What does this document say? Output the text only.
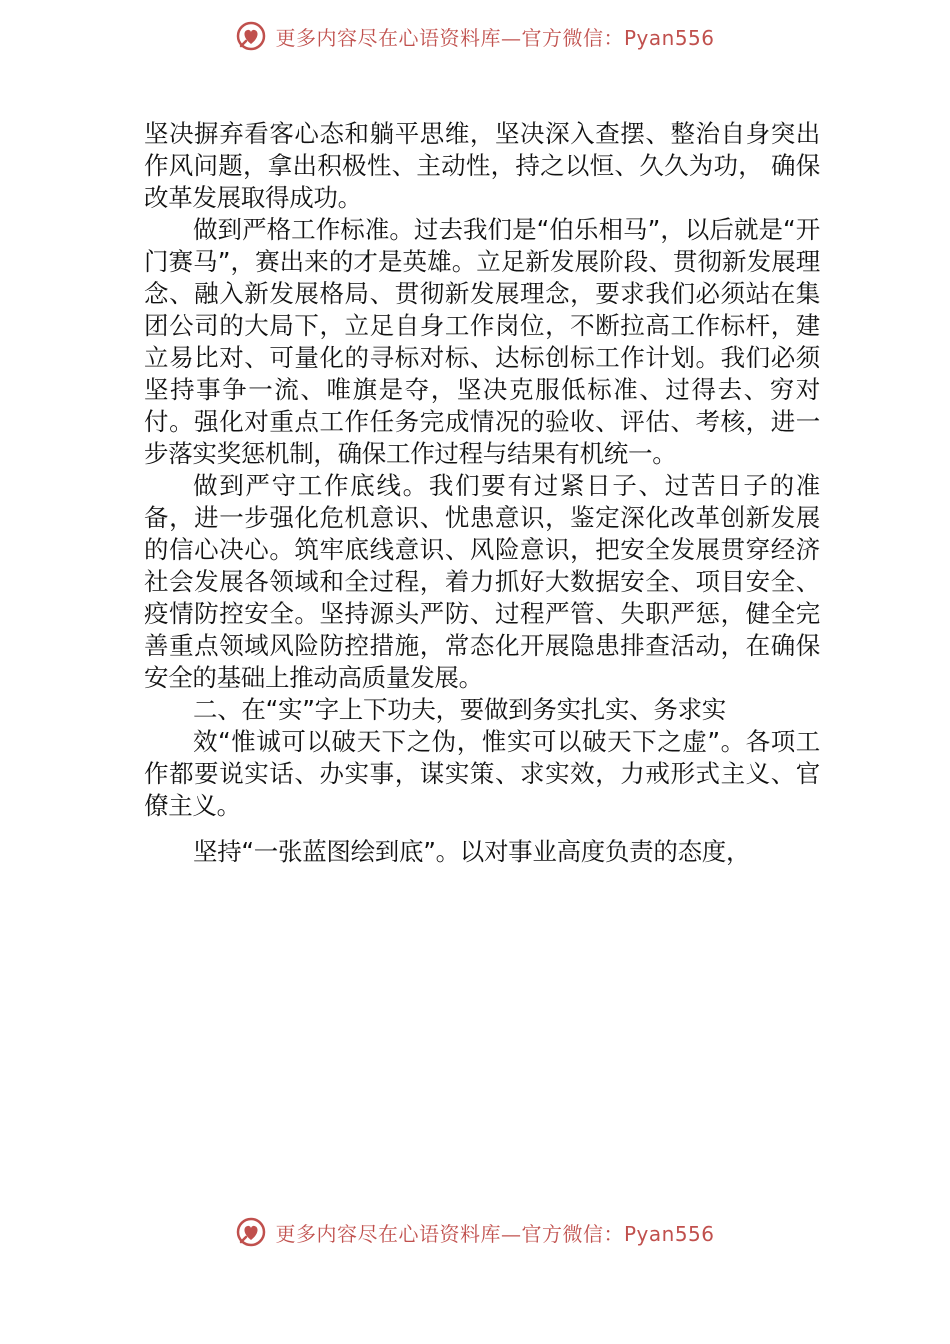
更多内容尽在心语资料库—官方微信：Pyan556

坚决摒弃看客心态和躺平思维，坚决深入查摆、整治自身突出作风问题，拿出积极性、主动性，持之以恒、久久为功， 确保改革发展取得成功。

做到严格工作标准。过去我们是“伯乐相马”，以后就是“开门赛马”，赛出来的才是英雄。立足新发展阶段、贯彻新发展理念、融入新发展格局、贯彻新发展理念，要求我们必须站在集团公司的大局下，立足自身工作岗位，不断拉高工作标杆，建立易比对、可量化的寻标对标、达标创标工作计划。我们必须坚持事争一流、唯旗是夺，坚决克服低标准、过得去、穷对付。强化对重点工作任务完成情况的验收、评估、考核，进一步落实奖惩机制，确保工作过程与结果有机统一。

做到严守工作底线。我们要有过紧日子、过苦日子的准备，进一步强化危机意识、忧患意识，鉴定深化改革创新发展的信心决心。筑牢底线意识、风险意识，把安全发展贯穿经济社会发展各领域和全过程，着力抓好大数据安全、项目安全、疫情防控安全。坚持源头严防、过程严管、失职严惩，健全完善重点领域风险防控措施，常态化开展隐患排查活动，在确保安全的基础上推动高质量发展。

二、在“实”字上下功夫，要做到务实扎实、务求实

效“惟诚可以破天下之伪，惟实可以破天下之虚”。各项工作都要说实话、办实事，谋实策、求实效，力戒形式主义、官僚主义。

坚持“一张蓝图绘到底”。以对事业高度负责的态度，

更多内容尽在心语资料库—官方微信：Pyan556
